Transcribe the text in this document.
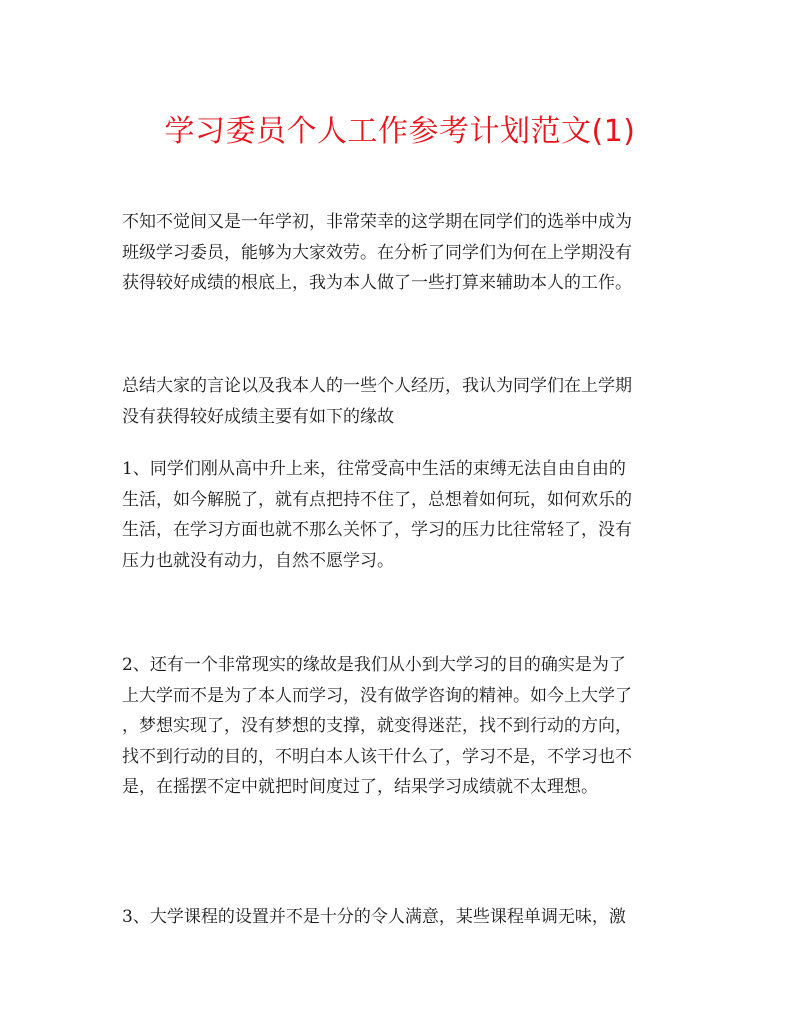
学习委员个人工作参考计划范文(1)
不知不觉间又是一年学初，非常荣幸的这学期在同学们的选举中成为
班级学习委员，能够为大家效劳。在分析了同学们为何在上学期没有
获得较好成绩的根底上，我为本人做了一些打算来辅助本人的工作。
总结大家的言论以及我本人的一些个人经历，我认为同学们在上学期
没有获得较好成绩主要有如下的缘故
1、同学们刚从高中升上来，往常受高中生活的束缚无法自由自由的
生活，如今解脱了，就有点把持不住了，总想着如何玩，如何欢乐的
生活，在学习方面也就不那么关怀了，学习的压力比往常轻了，没有
压力也就没有动力，自然不愿学习。
2、还有一个非常现实的缘故是我们从小到大学习的目的确实是为了
上大学而不是为了本人而学习，没有做学咨询的精神。如今上大学了
，梦想实现了，没有梦想的支撑，就变得迷茫，找不到行动的方向，
找不到行动的目的，不明白本人该干什么了，学习不是，不学习也不
是，在摇摆不定中就把时间度过了，结果学习成绩就不太理想。
3、大学课程的设置并不是十分的令人满意，某些课程单调无味，激
